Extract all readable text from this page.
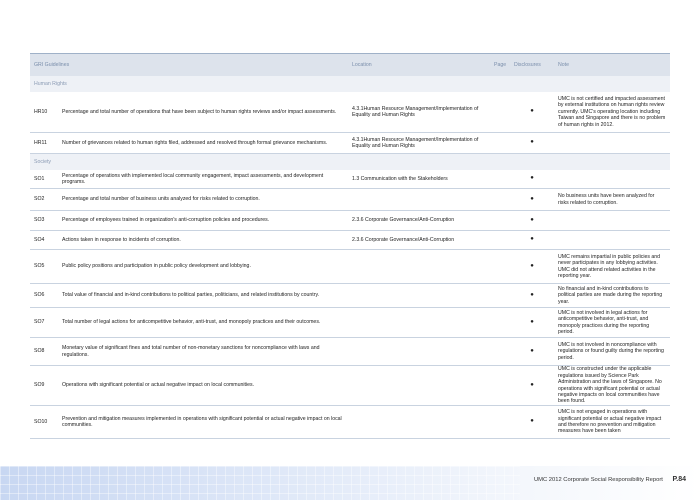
GRI Guidelines		Location	Page	Disclosures	Note
Human Rights					
HR10	Percentage and total number of operations that have been subject to human rights reviews and/or impact assessments.	4.3.1Human Resource Management/Implementation of Equality and Human Rights		●	UMC is not certified and impacted assessment by external institutions on human rights review currently. UMC's operating location including Taiwan and Singapore and there is no problem of human rights in 2012.
HR11	Number of grievances related to human rights filed, addressed and resolved through formal grievance mechanisms.	4.3.1Human Resource Management/Implementation of Equality and Human Rights		●	
Society					
SO1	Percentage of operations with implemented local community engagement, impact assessments, and development programs.	1.3 Communication with the Stakeholders		●	
SO2	Percentage and total number of business units analyzed for risks related to corruption.			●	No business units have been analyzed for risks related to corruption.
SO3	Percentage of employees trained in organization's anti-corruption policies and procedures.	2.3.6 Corporate Governance/Anti-Corruption		●	
SO4	Actions taken in response to incidents of corruption.	2.3.6 Corporate Governance/Anti-Corruption		●	
SO5	Public policy positions and participation in public policy development and lobbying.			●	UMC remains impartial in public policies and never participates in any lobbying activities. UMC did not attend related activities in the reporting year.
SO6	Total value of financial and in-kind contributions to political parties, politicians, and related institutions by country.			●	No financial and in-kind contributions to political parties are made during the reporting year.
SO7	Total number of legal actions for anticompetitive behavior, anti-trust, and monopoly practices and their outcomes.			●	UMC is not involved in legal actions for anticompetitive behavior, anti-trust, and monopoly practices during the reporting period.
SO8	Monetary value of significant fines and total number of non-monetary sanctions for noncompliance with laws and regulations.			●	UMC is not involved in noncompliance with regulations or found guilty during the reporting period.
SO9	Operations with significant potential or actual negative impact on local communities.			●	UMC is constructed under the applicable regulations issued by Science Park Administration and the laws of Singapore. No operations with significant potential or actual negative impacts on local communities have been found.
SO10	Prevention and mitigation measures implemented in operations with significant potential or actual negative impact on local communities.			●	UMC is not engaged in operations with significant potential or actual negative impact and therefore no prevention and mitigation measures have been taken
UMC 2012 Corporate Social Responsibility Report P.84
